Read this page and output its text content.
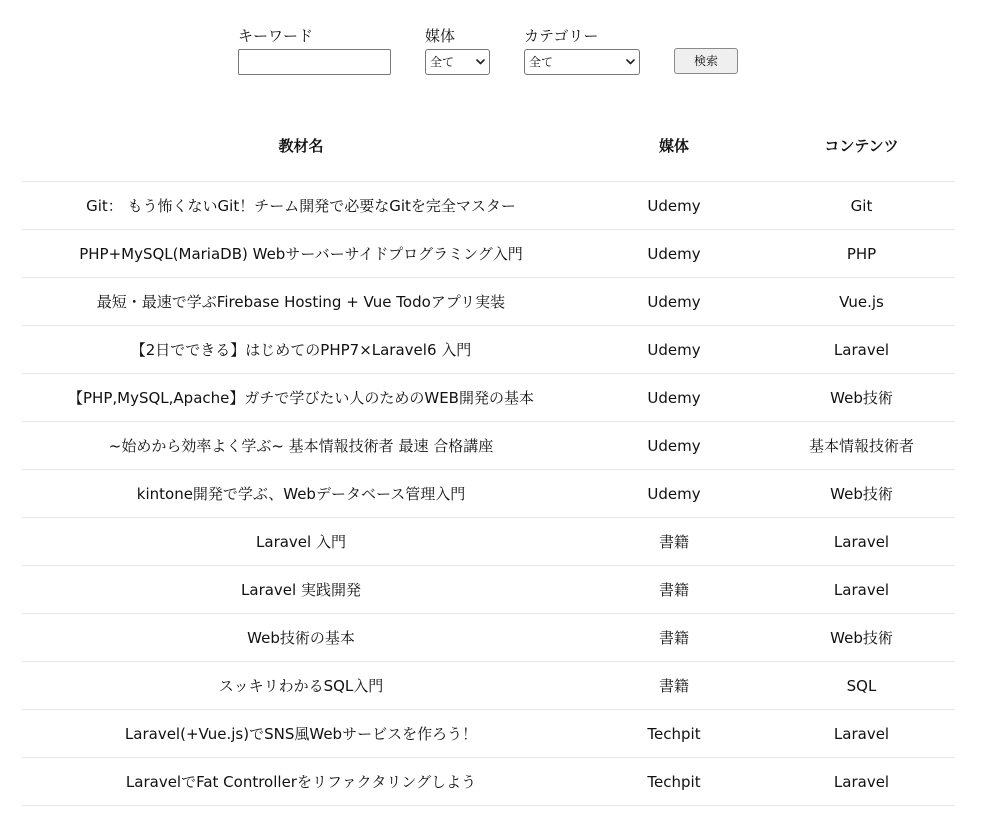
キーワード	媒体
全て
カテゴリー
全て	検索
教材名	媒体	コンテンツ
Git： もう怖くないGit！チーム開発で必要なGitを完全マスター	Udemy	Git
PHP+MySQL(MariaDB) Webサーバーサイドプログラミング入門	Udemy	PHP
最短・最速で学ぶFirebase Hosting + Vue Todoアプリ実装	Udemy	Vue.js
【2日でできる】はじめてのPHP7×Laravel6 入門	Udemy	Laravel
【PHP,MySQL,Apache】ガチで学びたい人のためのWEB開発の基本	Udemy	Web技術
~始めから効率よく学ぶ~ 基本情報技術者 最速 合格講座	Udemy	基本情報技術者
kintone開発で学ぶ、Webデータベース管理入門	Udemy	Web技術
Laravel 入門	書籍	Laravel
Laravel 実践開発	書籍	Laravel
Web技術の基本	書籍	Web技術
スッキリわかるSQL入門	書籍	SQL
Laravel(+Vue.js)でSNS風Webサービスを作ろう！	Techpit	Laravel
LaravelでFat Controllerをリファクタリングしよう	Techpit	Laravel
